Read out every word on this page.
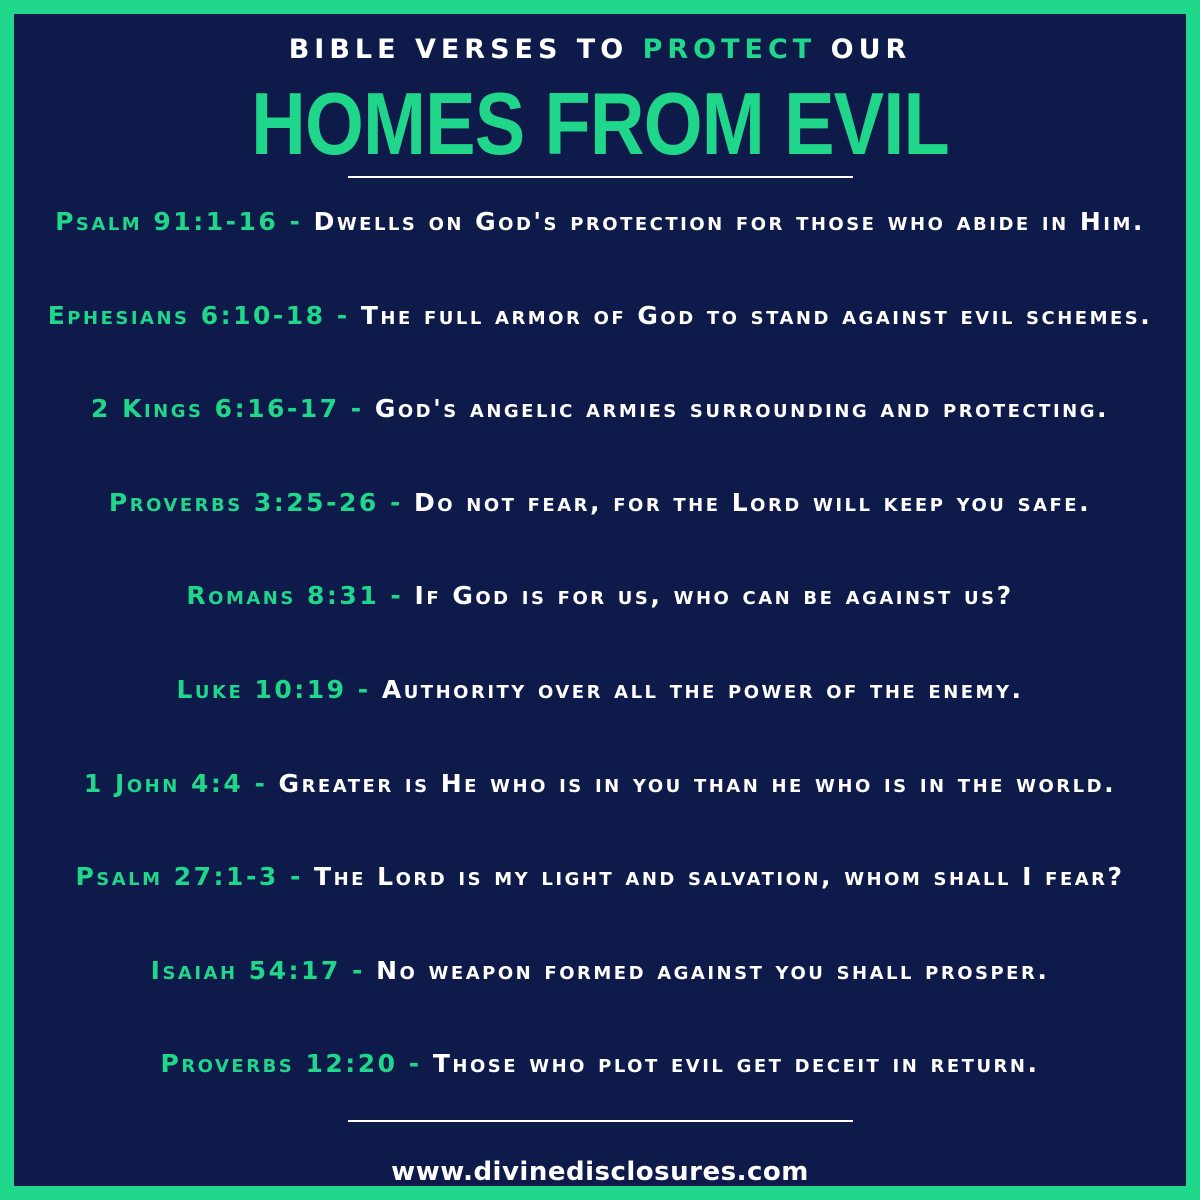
BIBLE VERSES TO PROTECT OUR
HOMES FROM EVIL
Psalm 91:1-16 - Dwells on God's protection for those who abide in Him.
Ephesians 6:10-18 - The full armor of God to stand against evil schemes.
2 Kings 6:16-17 - God's angelic armies surrounding and protecting.
Proverbs 3:25-26 - Do not fear, for the Lord will keep you safe.
Romans 8:31 - If God is for us, who can be against us?
Luke 10:19 - Authority over all the power of the enemy.
1 John 4:4 - Greater is He who is in you than he who is in the world.
Psalm 27:1-3 - The Lord is my light and salvation, whom shall I fear?
Isaiah 54:17 - No weapon formed against you shall prosper.
Proverbs 12:20 - Those who plot evil get deceit in return.
www.divinedisclosures.com
